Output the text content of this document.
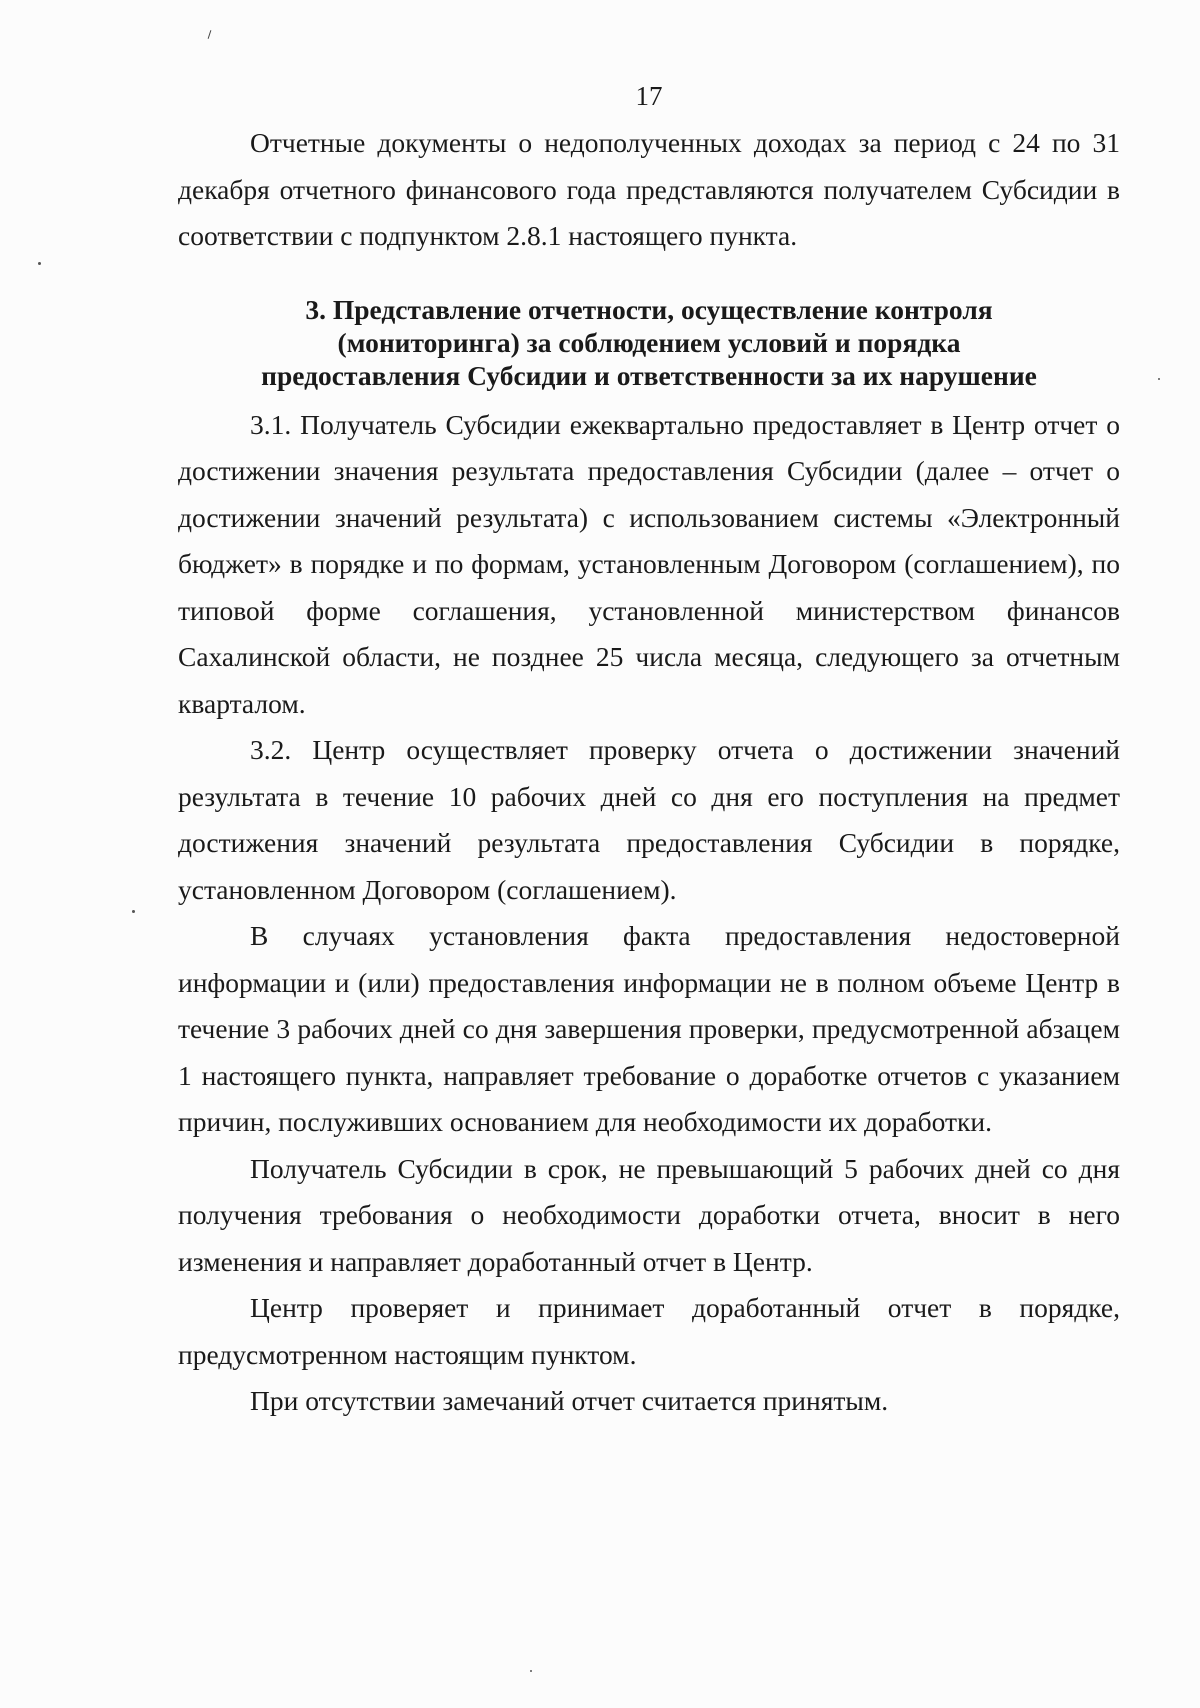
17

Отчетные документы о недополученных доходах за период с 24 по 31 декабря отчетного финансового года представляются получателем Субсидии в соответствии с подпунктом 2.8.1 настоящего пункта.

3. Представление отчетности, осуществление контроля
(мониторинга) за соблюдением условий и порядка
предоставления Субсидии и ответственности за их нарушение

3.1. Получатель Субсидии ежеквартально предоставляет в Центр отчет о достижении значения результата предоставления Субсидии (далее – отчет о достижении значений результата) с использованием системы «Электронный бюджет» в порядке и по формам, установленным Договором (соглашением), по типовой форме соглашения, установленной министерством финансов Сахалинской области, не позднее 25 числа месяца, следующего за отчетным кварталом.

3.2. Центр осуществляет проверку отчета о достижении значений результата в течение 10 рабочих дней со дня его поступления на предмет достижения значений результата предоставления Субсидии в порядке, установленном Договором (соглашением).

В случаях установления факта предоставления недостоверной информации и (или) предоставления информации не в полном объеме Центр в течение 3 рабочих дней со дня завершения проверки, предусмотренной абзацем 1 настоящего пункта, направляет требование о доработке отчетов с указанием причин, послуживших основанием для необходимости их доработки.

Получатель Субсидии в срок, не превышающий 5 рабочих дней со дня получения требования о необходимости доработки отчета, вносит в него изменения и направляет доработанный отчет в Центр.

Центр проверяет и принимает доработанный отчет в порядке, предусмотренном настоящим пунктом.

При отсутствии замечаний отчет считается принятым.
